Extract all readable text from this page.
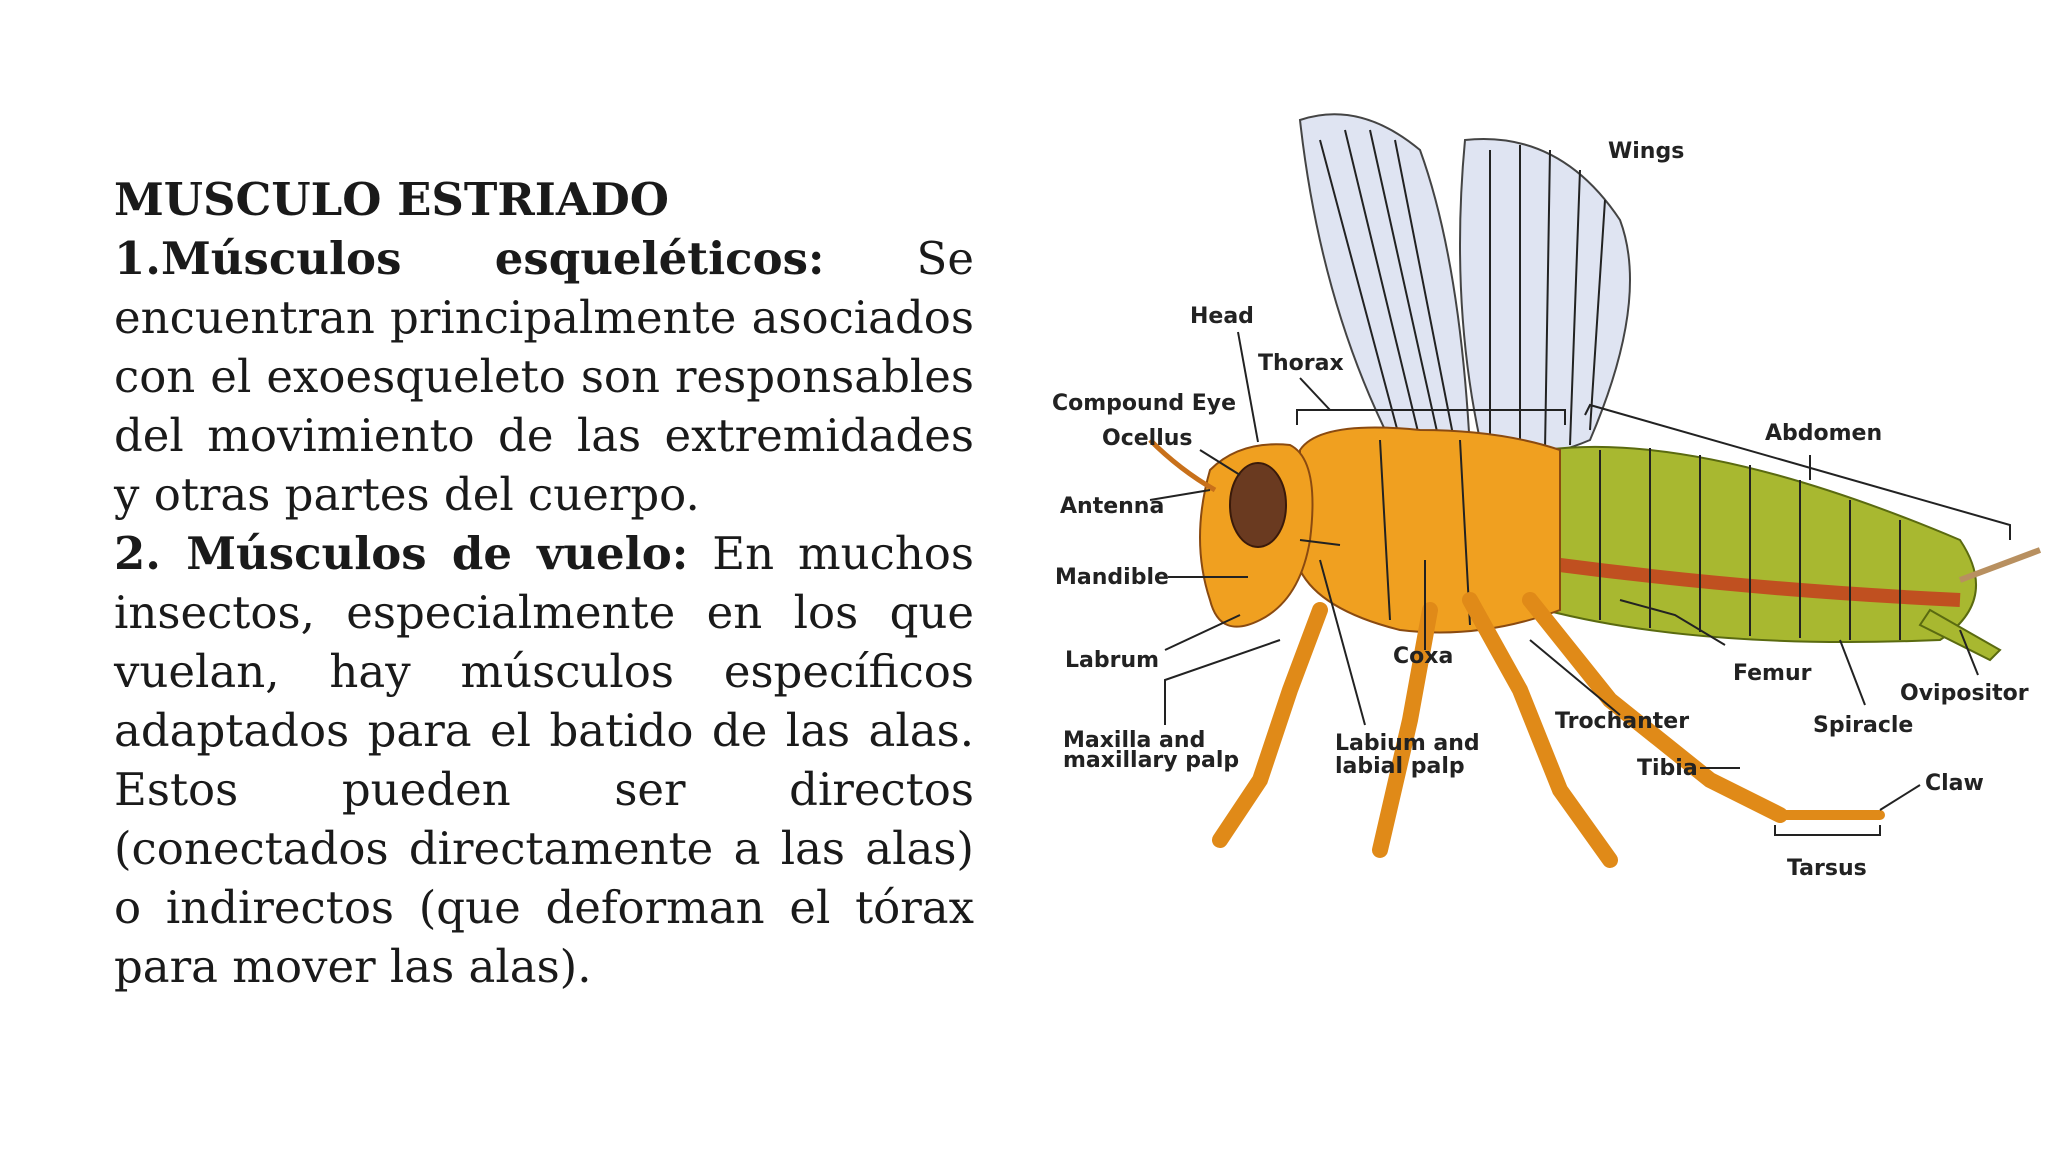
MUSCULO ESTRIADO

1.Músculos esqueléticos: Se encuentran principalmente asociados con el exoesqueleto son responsables del movimiento de las extremidades y otras partes del cuerpo.

2. Músculos de vuelo: En muchos insectos, especialmente en los que vuelan, hay músculos específicos adaptados para el batido de las alas. Estos pueden ser directos (conectados directamente a las alas) o indirectos (que deforman el tórax para mover las alas).

Wings
Head
Thorax
Compound Eye
Ocellus	Abdomen
Antenna
Mandible
Coxa
Labrum
Femur
Ovipositor
Trochanter	Spiracle
Maxilla and
maxillary palp
Labium and
labial palp	Tibia
Claw
Tarsus
